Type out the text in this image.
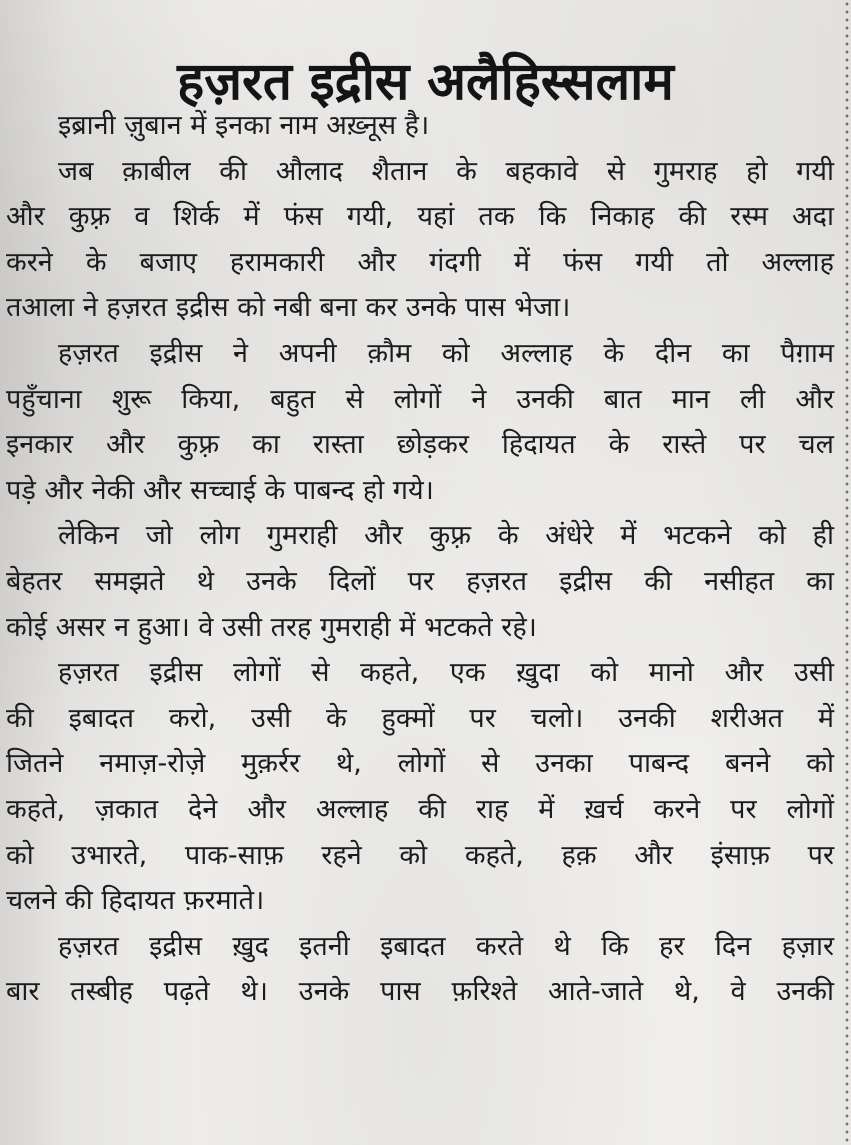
हज़रत इद्रीस अलैहिस्सलाम
इब्रानी ज़ुबान में इनका नाम अख़्नूस है।
जब क़ाबील की औलाद शैतान के बहकावे से गुमराह हो गयी
और कुफ़्र व शिर्क में फंस गयी, यहां तक कि निकाह की रस्म अदा
करने के बजाए हरामकारी और गंदगी में फंस गयी तो अल्लाह
तआला ने हज़रत इद्रीस को नबी बना कर उनके पास भेजा।
हज़रत इद्रीस ने अपनी क़ौम को अल्लाह के दीन का पैग़ाम
पहुँचाना शुरू किया, बहुत से लोगों ने उनकी बात मान ली और
इनकार और कुफ़्र का रास्ता छोड़कर हिदायत के रास्ते पर चल
पड़े और नेकी और सच्चाई के पाबन्द हो गये।
लेकिन जो लोग गुमराही और कुफ़्र के अंधेरे में भटकने को ही
बेहतर समझते थे उनके दिलों पर हज़रत इद्रीस की नसीहत का
कोई असर न हुआ। वे उसी तरह गुमराही में भटकते रहे।
हज़रत इद्रीस लोगों से कहते, एक ख़ुदा को मानो और उसी
की इबादत करो, उसी के हुक्मों पर चलो। उनकी शरीअत में
जितने नमाज़-रोज़े मुक़र्रर थे, लोगों से उनका पाबन्द बनने को
कहते, ज़कात देने और अल्लाह की राह में ख़र्च करने पर लोगों
को उभारते, पाक-साफ़ रहने को कहते, हक़ और इंसाफ़ पर
चलने की हिदायत फ़रमाते।
हज़रत इद्रीस ख़ुद इतनी इबादत करते थे कि हर दिन हज़ार
बार तस्बीह पढ़ते थे। उनके पास फ़रिश्ते आते-जाते थे, वे उनकी
